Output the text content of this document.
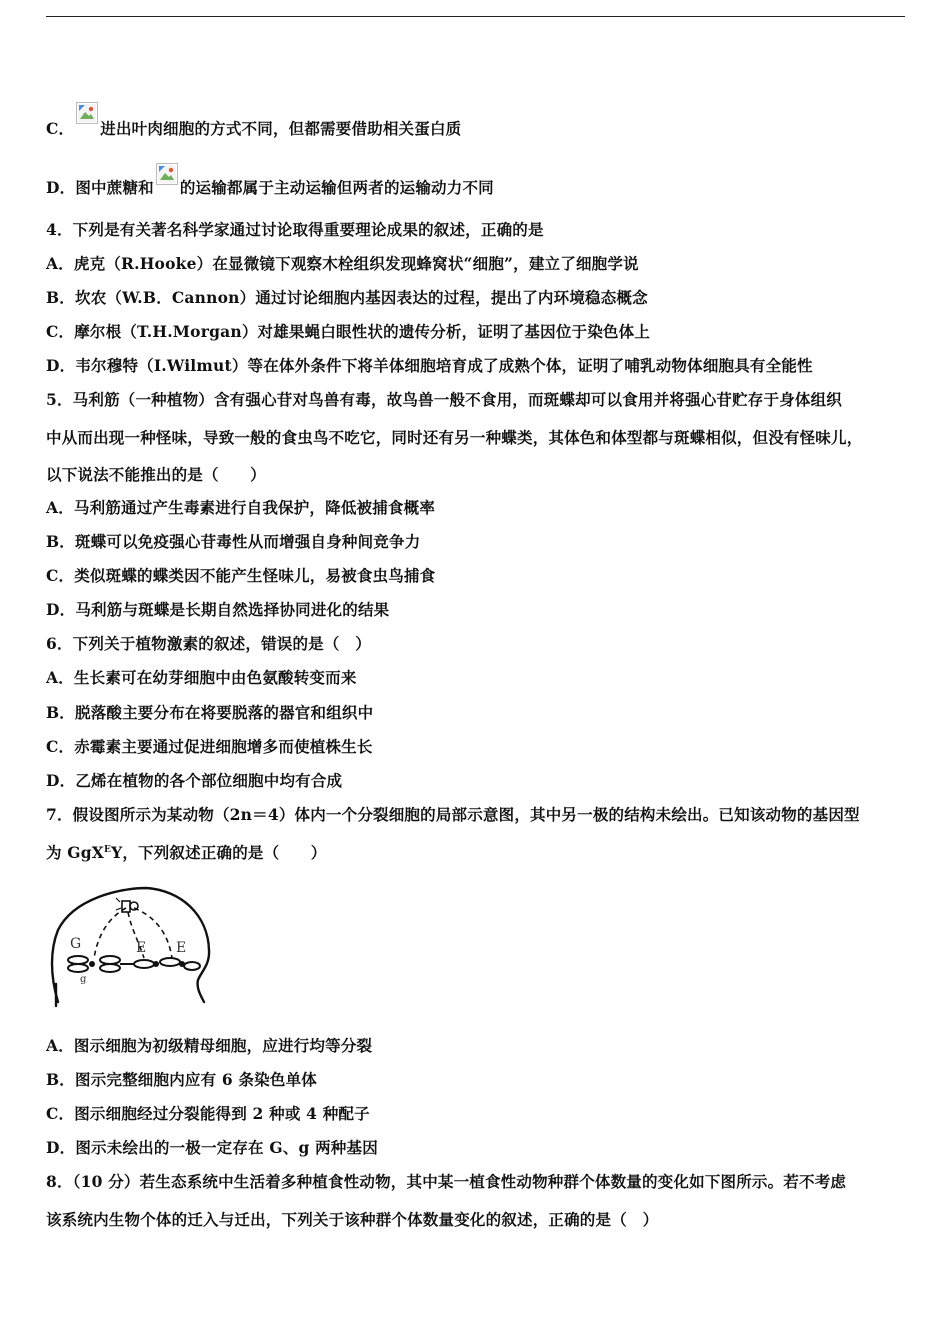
C． 进出叶肉细胞的方式不同，但都需要借助相关蛋白质
D．图中蔗糖和 的运输都属于主动运输但两者的运输动力不同
4．下列是有关著名科学家通过讨论取得重要理论成果的叙述，正确的是
A．虎克（R.Hooke）在显微镜下观察木栓组织发现蜂窝状“细胞”，建立了细胞学说
B．坎农（W.B．Cannon）通过讨论细胞内基因表达的过程，提出了内环境稳态概念
C．摩尔根（T.H.Morgan）对雄果蝇白眼性状的遗传分析，证明了基因位于染色体上
D．韦尔穆特（I.Wilmut）等在体外条件下将羊体细胞培育成了成熟个体，证明了哺乳动物体细胞具有全能性
5．马利筋（一种植物）含有强心苷对鸟兽有毒，故鸟兽一般不食用，而斑蝶却可以食用并将强心苷贮存于身体组织
中从而出现一种怪味，导致一般的食虫鸟不吃它，同时还有另一种蝶类，其体色和体型都与斑蝶相似，但没有怪味儿，
以下说法不能推出的是（　　）
A．马利筋通过产生毒素进行自我保护，降低被捕食概率
B．斑蝶可以免疫强心苷毒性从而增强自身种间竞争力
C．类似斑蝶的蝶类因不能产生怪味儿，易被食虫鸟捕食
D．马利筋与斑蝶是长期自然选择协同进化的结果
6．下列关于植物激素的叙述，错误的是（　）
A．生长素可在幼芽细胞中由色氨酸转变而来
B．脱落酸主要分布在将要脱落的器官和组织中
C．赤霉素主要通过促进细胞增多而使植株生长
D．乙烯在植物的各个部位细胞中均有合成
7．假设图所示为某动物（2n＝4）体内一个分裂细胞的局部示意图，其中另一极的结构未绘出。已知该动物的基因型
为 GgX$^E$Y，下列叙述正确的是（　　）
G	E E
g
A．图示细胞为初级精母细胞，应进行均等分裂
B．图示完整细胞内应有 6 条染色单体
C．图示细胞经过分裂能得到 2 种或 4 种配子
D．图示未绘出的一极一定存在 G、g 两种基因
8．（10 分）若生态系统中生活着多种植食性动物，其中某一植食性动物种群个体数量的变化如下图所示。若不考虑
该系统内生物个体的迁入与迁出，下列关于该种群个体数量变化的叙述，正确的是（　）
